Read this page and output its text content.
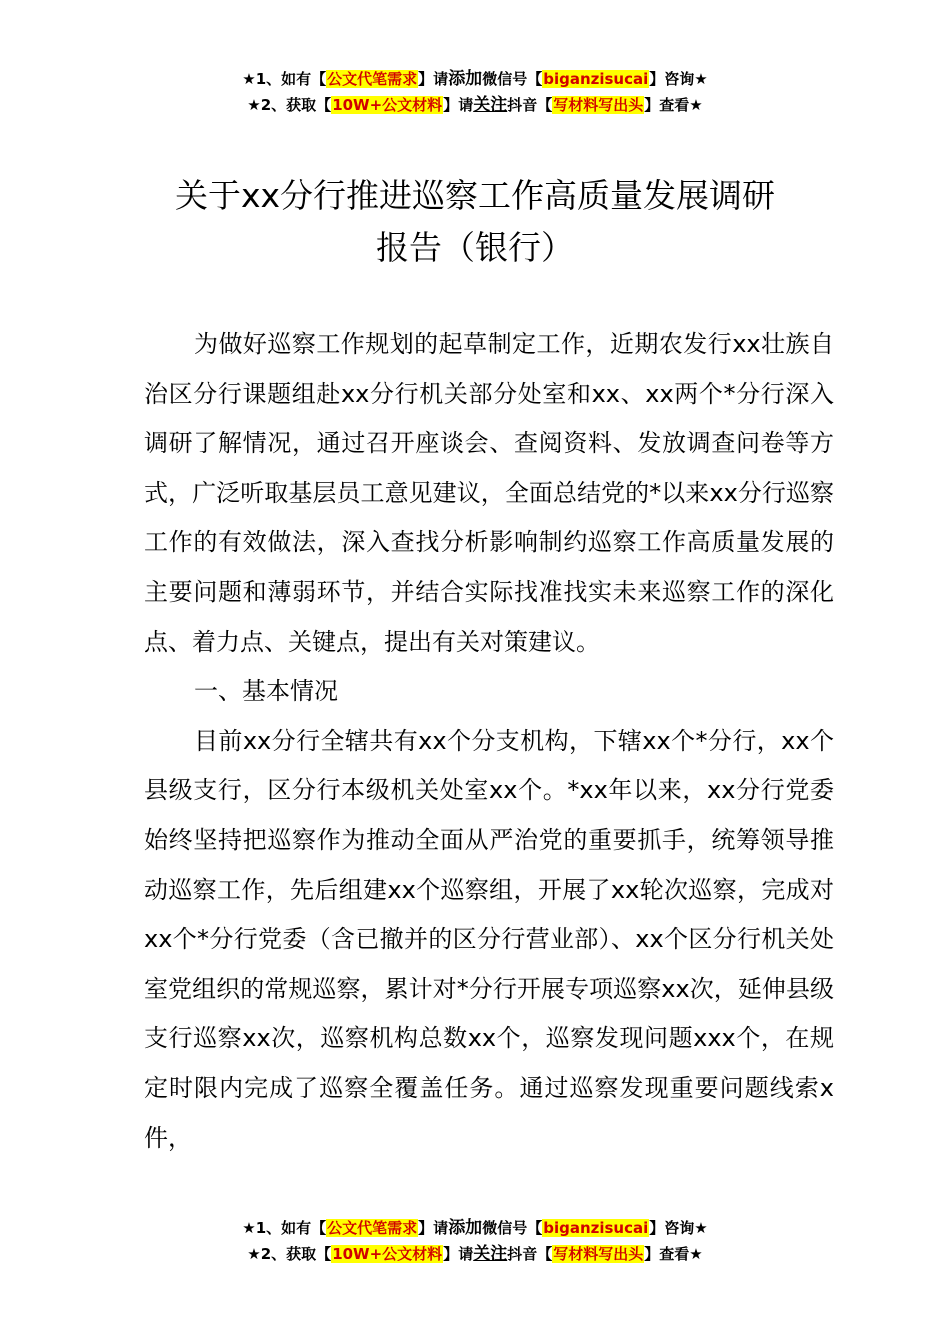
★1、如有【公文代笔需求】请添加微信号【biganzisucai】咨询★
★2、获取【10W+公文材料】请关注抖音【写材料写出头】查看★
关于xx分行推进巡察工作高质量发展调研
报告（银行）

为做好巡察工作规划的起草制定工作，近期农发行xx壮族自治区分行课题组赴xx分行机关部分处室和xx、xx两个*分行深入调研了解情况，通过召开座谈会、查阅资料、发放调查问卷等方式，广泛听取基层员工意见建议，全面总结党的*以来xx分行巡察工作的有效做法，深入查找分析影响制约巡察工作高质量发展的主要问题和薄弱环节，并结合实际找准找实未来巡察工作的深化点、着力点、关键点，提出有关对策建议。

一、基本情况

目前xx分行全辖共有xx个分支机构，下辖xx个*分行，xx个县级支行，区分行本级机关处室xx个。*xx年以来，xx分行党委始终坚持把巡察作为推动全面从严治党的重要抓手，统筹领导推动巡察工作，先后组建xx个巡察组，开展了xx轮次巡察，完成对xx个*分行党委（含已撤并的区分行营业部）、xx个区分行机关处室党组织的常规巡察，累计对*分行开展专项巡察xx次，延伸县级支行巡察xx次，巡察机构总数xx个，巡察发现问题xxx个，在规定时限内完成了巡察全覆盖任务。通过巡察发现重要问题线索x件，

★1、如有【公文代笔需求】请添加微信号【biganzisucai】咨询★
★2、获取【10W+公文材料】请关注抖音【写材料写出头】查看★
